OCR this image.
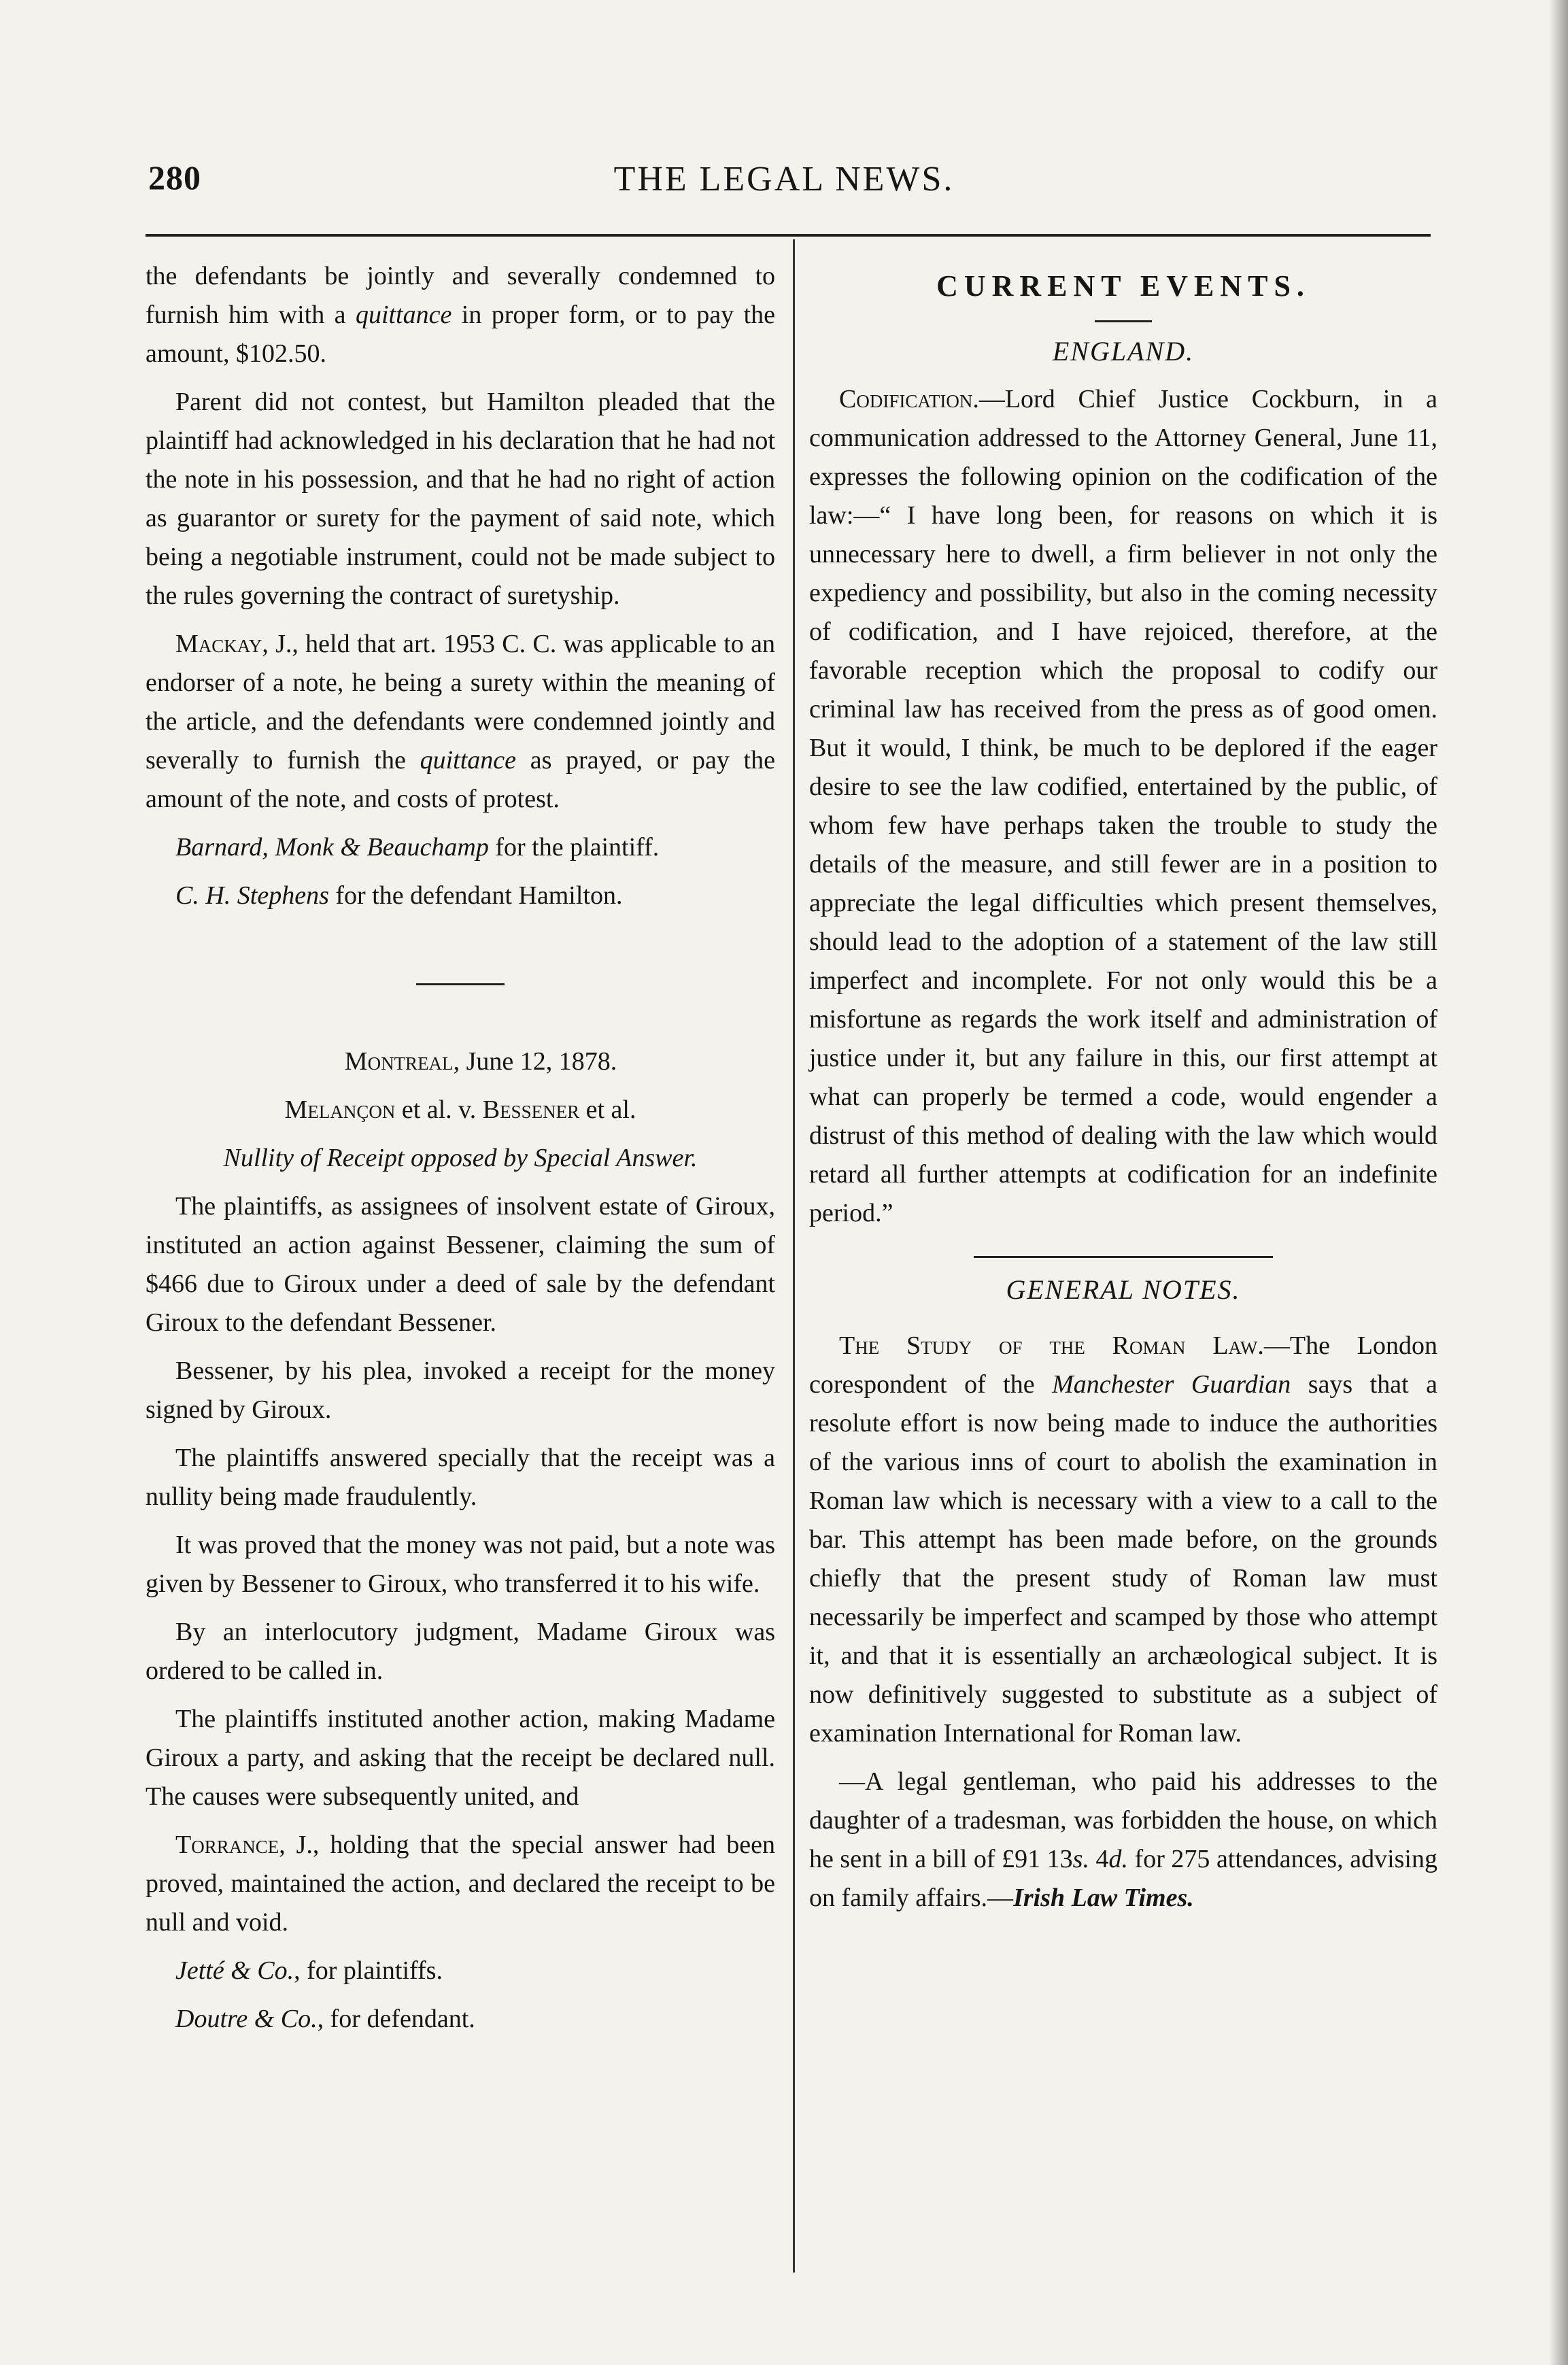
280	THE LEGAL NEWS.

the defendants be jointly and severally condemned to furnish him with a quittance in proper form, or to pay the amount, $102.50.

Parent did not contest, but Hamilton pleaded that the plaintiff had acknowledged in his declaration that he had not the note in his possession, and that he had no right of action as guarantor or surety for the payment of said note, which being a negotiable instrument, could not be made subject to the rules governing the contract of suretyship.

Mackay, J., held that art. 1953 C. C. was applicable to an endorser of a note, he being a surety within the meaning of the article, and the defendants were condemned jointly and severally to furnish the quittance as prayed, or pay the amount of the note, and costs of protest.

Barnard, Monk & Beauchamp for the plaintiff.

C. H. Stephens for the defendant Hamilton.

Montreal, June 12, 1878.

Melançon et al. v. Bessener et al.

Nullity of Receipt opposed by Special Answer.

The plaintiffs, as assignees of insolvent estate of Giroux, instituted an action against Bessener, claiming the sum of $466 due to Giroux under a deed of sale by the defendant Giroux to the defendant Bessener.

Bessener, by his plea, invoked a receipt for the money signed by Giroux.

The plaintiffs answered specially that the receipt was a nullity being made fraudulently.

It was proved that the money was not paid, but a note was given by Bessener to Giroux, who transferred it to his wife.

By an interlocutory judgment, Madame Giroux was ordered to be called in.

The plaintiffs instituted another action, making Madame Giroux a party, and asking that the receipt be declared null. The causes were subsequently united, and

Torrance, J., holding that the special answer had been proved, maintained the action, and declared the receipt to be null and void.

Jetté & Co., for plaintiffs.

Doutre & Co., for defendant.

CURRENT EVENTS.
ENGLAND.

Codification.—Lord Chief Justice Cockburn, in a communication addressed to the Attorney General, June 11, expresses the following opinion on the codification of the law:—“ I have long been, for reasons on which it is unnecessary here to dwell, a firm believer in not only the expediency and possibility, but also in the coming necessity of codification, and I have rejoiced, therefore, at the favorable reception which the proposal to codify our criminal law has received from the press as of good omen. But it would, I think, be much to be deplored if the eager desire to see the law codified, entertained by the public, of whom few have perhaps taken the trouble to study the details of the measure, and still fewer are in a position to appreciate the legal difficulties which present themselves, should lead to the adoption of a statement of the law still imperfect and incomplete. For not only would this be a misfortune as regards the work itself and administration of justice under it, but any failure in this, our first attempt at what can properly be termed a code, would engender a distrust of this method of dealing with the law which would retard all further attempts at codification for an indefinite period.”

GENERAL NOTES.

The Study of the Roman Law.—The London corespondent of the Manchester Guardian says that a resolute effort is now being made to induce the authorities of the various inns of court to abolish the examination in Roman law which is necessary with a view to a call to the bar. This attempt has been made before, on the grounds chiefly that the present study of Roman law must necessarily be imperfect and scamped by those who attempt it, and that it is essentially an archæological subject. It is now definitively suggested to substitute as a subject of examination International for Roman law.

—A legal gentleman, who paid his addresses to the daughter of a tradesman, was forbidden the house, on which he sent in a bill of £91 13s. 4d. for 275 attendances, advising on family affairs.—Irish Law Times.
